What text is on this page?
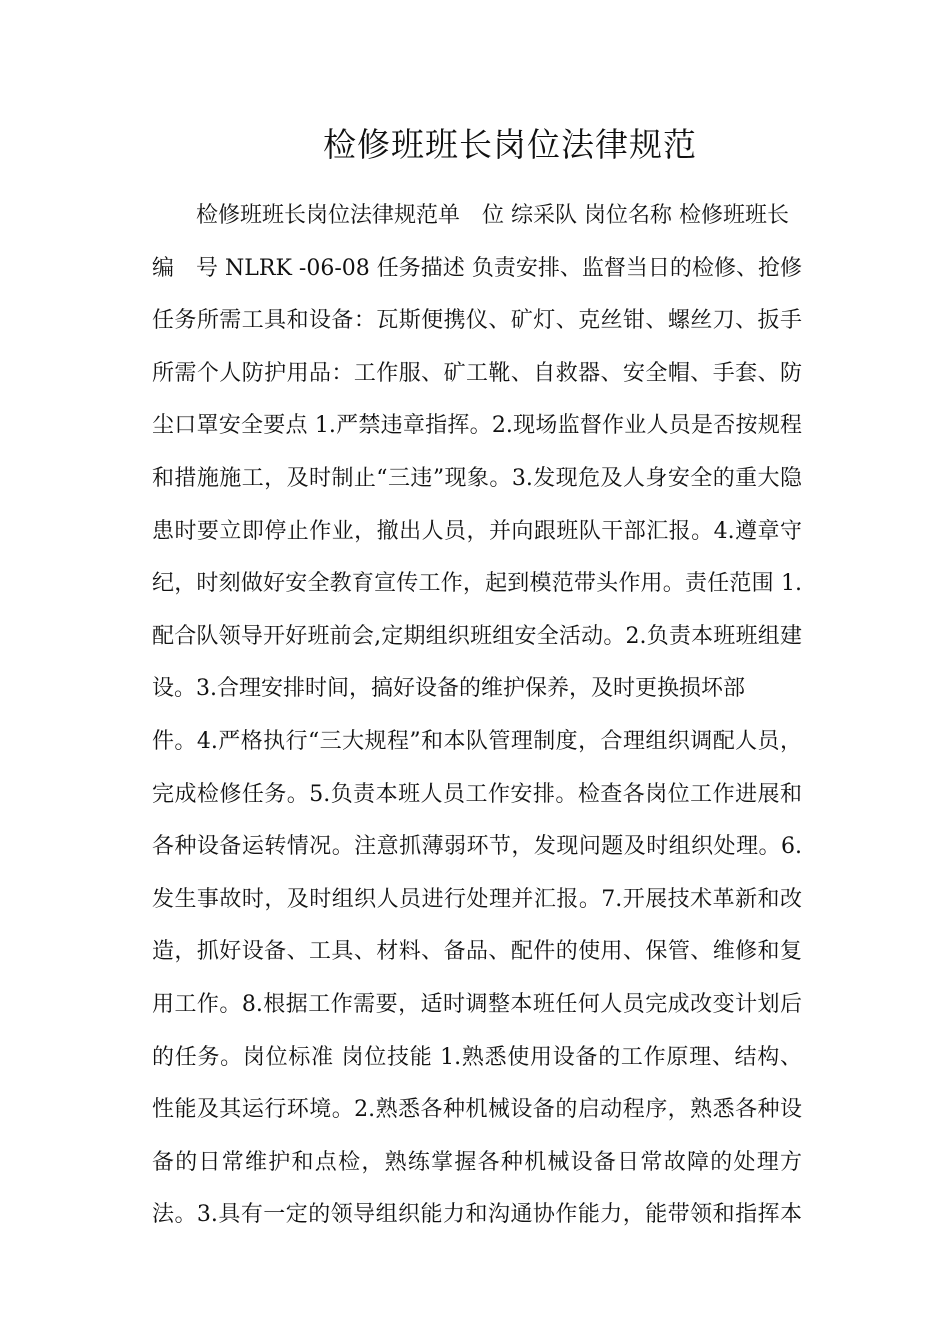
检修班班长岗位法律规范
检修班班长岗位法律规范单　位 综采队 岗位名称 检修班班长
编　号 NLRK -06-08 任务描述 负责安排、监督当日的检修、抢修
任务所需工具和设备：瓦斯便携仪、矿灯、克丝钳、螺丝刀、扳手
所需个人防护用品：工作服、矿工靴、自救器、安全帽、手套、防
尘口罩安全要点 1.严禁违章指挥。2.现场监督作业人员是否按规程
和措施施工，及时制止“三违”现象。3.发现危及人身安全的重大隐
患时要立即停止作业，撤出人员，并向跟班队干部汇报。4.遵章守
纪，时刻做好安全教育宣传工作，起到模范带头作用。责任范围 1.
配合队领导开好班前会,定期组织班组安全活动。2.负责本班班组建
设。3.合理安排时间，搞好设备的维护保养，及时更换损坏部
件。4.严格执行“三大规程”和本队管理制度，合理组织调配人员，
完成检修任务。5.负责本班人员工作安排。检查各岗位工作进展和
各种设备运转情况。注意抓薄弱环节，发现问题及时组织处理。6.
发生事故时，及时组织人员进行处理并汇报。7.开展技术革新和改
造，抓好设备、工具、材料、备品、配件的使用、保管、维修和复
用工作。8.根据工作需要，适时调整本班任何人员完成改变计划后
的任务。岗位标准 岗位技能 1.熟悉使用设备的工作原理、结构、
性能及其运行环境。2.熟悉各种机械设备的启动程序，熟悉各种设
备的日常维护和点检，熟练掌握各种机械设备日常故障的处理方
法。3.具有一定的领导组织能力和沟通协作能力，能带领和指挥本
